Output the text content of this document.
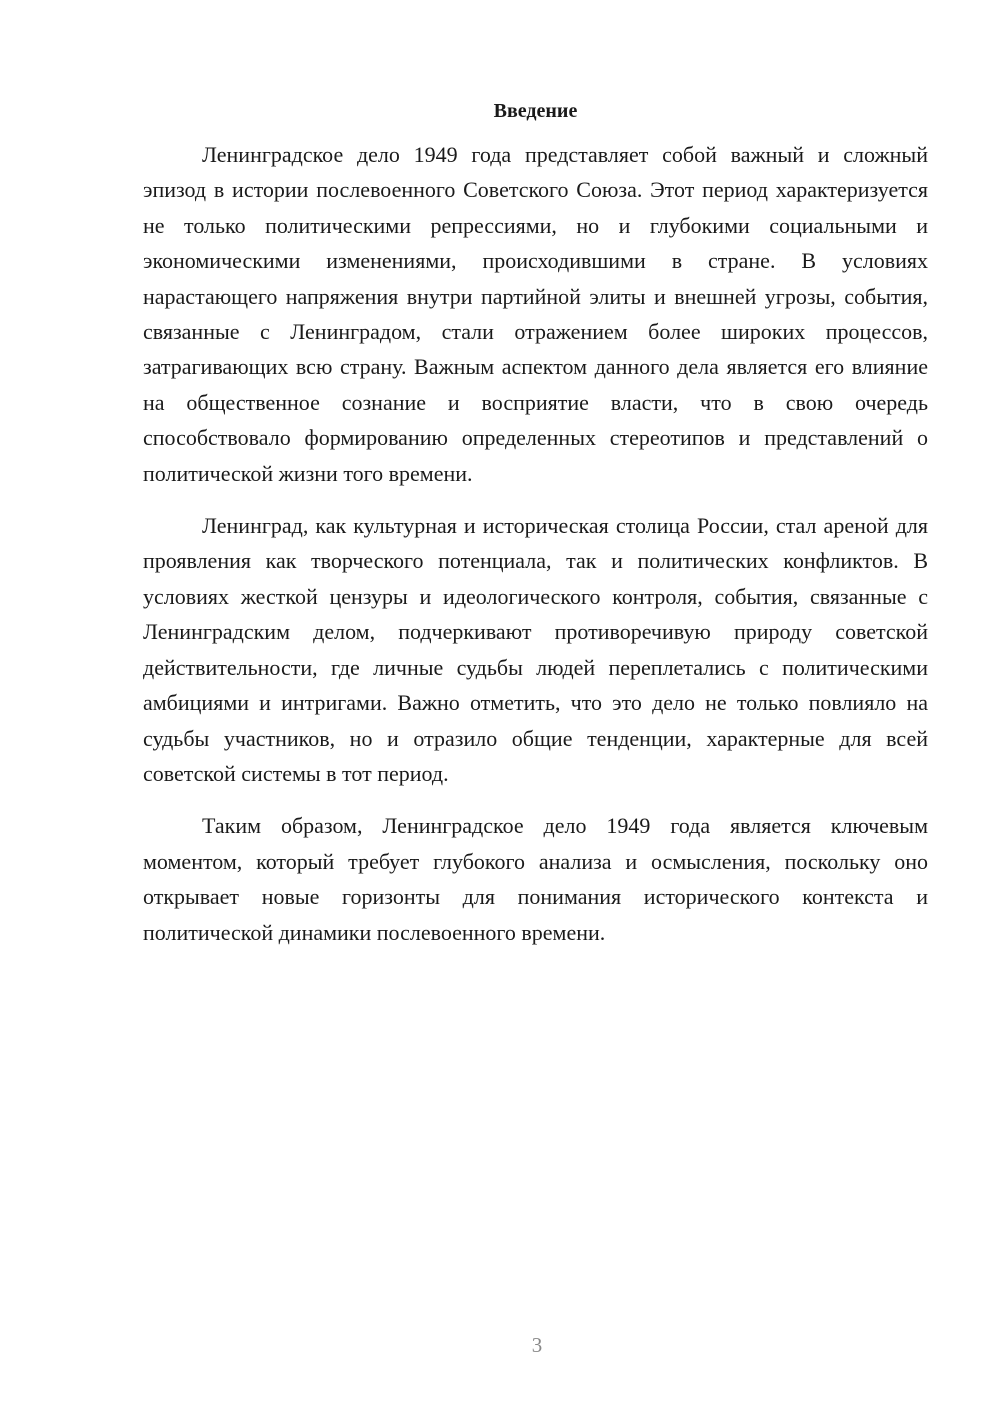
Введение

Ленинградское дело 1949 года представляет собой важный и сложный эпизод в истории послевоенного Советского Союза. Этот период характеризуется не только политическими репрессиями, но и глубокими социальными и экономическими изменениями, происходившими в стране. В условиях нарастающего напряжения внутри партийной элиты и внешней угрозы, события, связанные с Ленинградом, стали отражением более широких процессов, затрагивающих всю страну. Важным аспектом данного дела является его влияние на общественное сознание и восприятие власти, что в свою очередь способствовало формированию определенных стереотипов и представлений о политической жизни того времени.

Ленинград, как культурная и историческая столица России, стал ареной для проявления как творческого потенциала, так и политических конфликтов. В условиях жесткой цензуры и идеологического контроля, события, связанные с Ленинградским делом, подчеркивают противоречивую природу советской действительности, где личные судьбы людей переплетались с политическими амбициями и интригами. Важно отметить, что это дело не только повлияло на судьбы участников, но и отразило общие тенденции, характерные для всей советской системы в тот период.

Таким образом, Ленинградское дело 1949 года является ключевым моментом, который требует глубокого анализа и осмысления, поскольку оно открывает новые горизонты для понимания исторического контекста и политической динамики послевоенного времени.

3
